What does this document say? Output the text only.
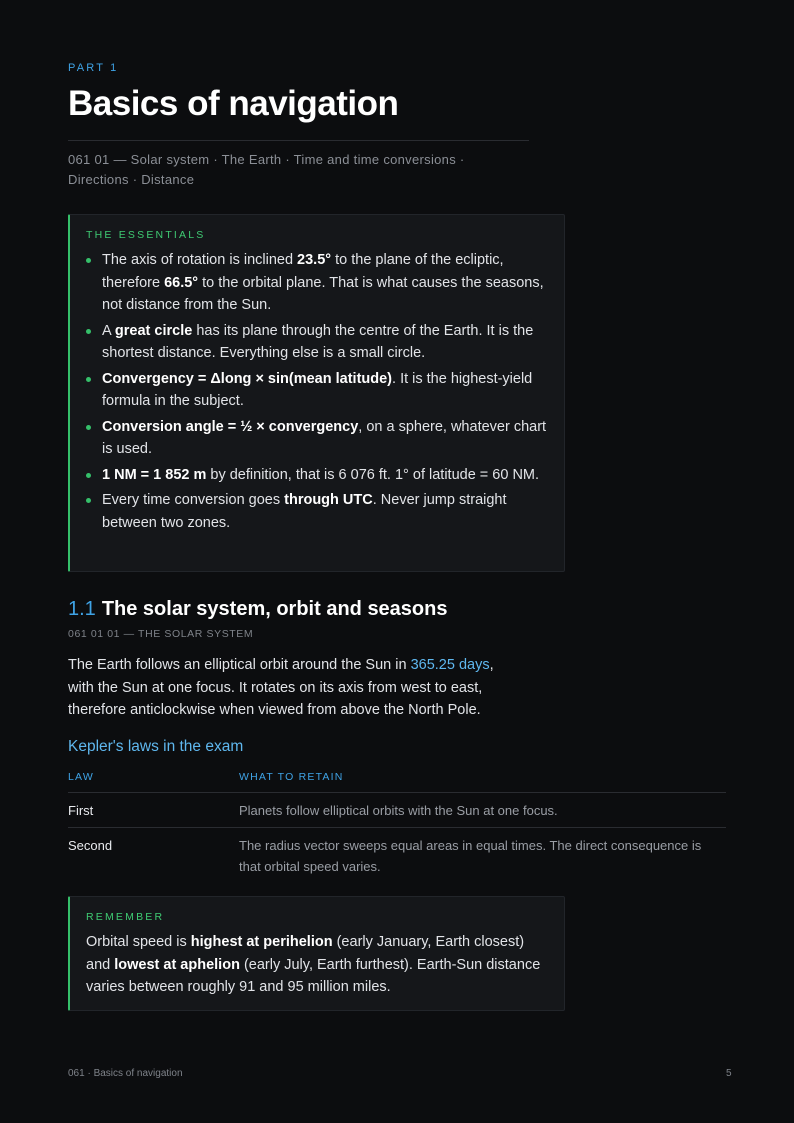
PART 1
Basics of navigation
061 01 — Solar system · The Earth · Time and time conversions · Directions · Distance
THE ESSENTIALS
The axis of rotation is inclined 23.5° to the plane of the ecliptic, therefore 66.5° to the orbital plane. That is what causes the seasons, not distance from the Sun.
A great circle has its plane through the centre of the Earth. It is the shortest distance. Everything else is a small circle.
Convergency = Δlong × sin(mean latitude). It is the highest-yield formula in the subject.
Conversion angle = ½ × convergency, on a sphere, whatever chart is used.
1 NM = 1 852 m by definition, that is 6 076 ft. 1° of latitude = 60 NM.
Every time conversion goes through UTC. Never jump straight between two zones.
1.1 The solar system, orbit and seasons
061 01 01 — THE SOLAR SYSTEM

The Earth follows an elliptical orbit around the Sun in 365.25 days, with the Sun at one focus. It rotates on its axis from west to east, therefore anticlockwise when viewed from above the North Pole.

Kepler's laws in the exam
LAW	WHAT TO RETAIN
First	Planets follow elliptical orbits with the Sun at one focus.
Second	The radius vector sweeps equal areas in equal times. The direct consequence is that orbital speed varies.
REMEMBER

Orbital speed is highest at perihelion (early January, Earth closest) and lowest at aphelion (early July, Earth furthest). Earth-Sun distance varies between roughly 91 and 95 million miles.

061 · Basics of navigation	5
